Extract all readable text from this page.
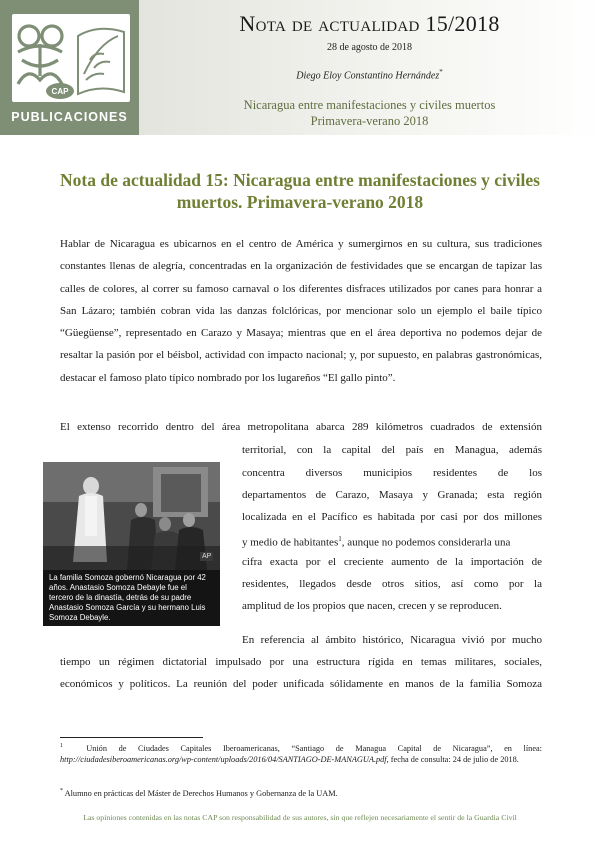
CAP
PUBLICACIONES
Nota de actualidad 15/2018
28 de agosto de 2018
Diego Eloy Constantino Hernández*
Nicaragua entre manifestaciones y civiles muertos
Primavera-verano 2018
Nota de actualidad 15: Nicaragua entre manifestaciones y civiles muertos. Primavera-verano 2018

Hablar de Nicaragua es ubicarnos en el centro de América y sumergirnos en su cultura, sus tradiciones constantes llenas de alegría, concentradas en la organización de festividades que se encargan de tapizar las calles de colores, al correr su famoso carnaval o los diferentes disfraces utilizados por canes para honrar a San Lázaro; también cobran vida las danzas folclóricas, por mencionar solo un ejemplo el baile típico “Güegüense”, representado en Carazo y Masaya; mientras que en el área deportiva no podemos dejar de resaltar la pasión por el béisbol, actividad con impacto nacional; y, por supuesto, en palabras gastronómicas, destacar el famoso plato típico nombrado por los lugareños “El gallo pinto”.

El extenso recorrido dentro del área metropolitana abarca 289 kilómetros cuadrados de extensión

territorial, con la capital del país en Managua, además

concentra diversos municipios residentes de los

departamentos de Carazo, Masaya y Granada; esta región

localizada en el Pacífico es habitada por casi por dos millones

y medio de habitantes$^1$, aunque no podemos considerarla una

cifra exacta por el creciente aumento de la importación de

residentes, llegados desde otros sitios, así como por la

amplitud de los propios que nacen, crecen y se reproducen.

AP

La familia Somoza gobernó Nicaragua por 42 años. Anastasio Somoza Debayle fue el tercero de la dinastía, detrás de su padre Anastasio Somoza García y su hermano Luis Somoza Debayle.

En referencia al ámbito histórico, Nicaragua vivió por mucho

tiempo un régimen dictatorial impulsado por una estructura rígida en temas militares, sociales,

económicos y políticos. La reunión del poder unificada sólidamente en manos de la familia Somoza

$^1$	Unión de Ciudades Capitales Iberoamericanas, “Santiago de Managua Capital de Nicaragua”, en línea: http://ciudadesiberoamericanas.org/wp-content/uploads/2016/04/SANTIAGO-DE-MANAGUA.pdf, fecha de consulta: 24 de julio de 2018.

* Alumno en prácticas del Máster de Derechos Humanos y Gobernanza de la UAM.

Las opiniones contenidas en las notas CAP son responsabilidad de sus autores, sin que reflejen necesariamente el sentir de la Guardia Civil
